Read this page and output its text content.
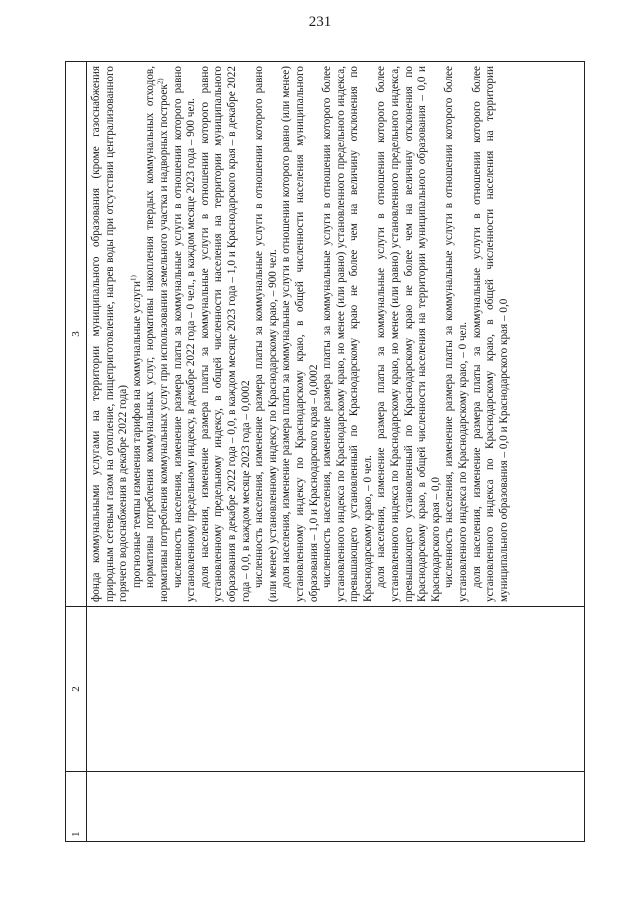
231
1
2
3 фонда коммунальными услугами на территории муниципального образования (кроме газоснабжения природным сетевым газом на отопление, пищеприготовление, нагрев воды при отсутствии централизованного горячего водоснабжения в декабре 2022 года) прогнозные темпы изменения тарифов на коммунальные услуги$^{1)}$ нормативы потребления коммунальных услуг, нормативы накопления твердых коммунальных отходов, нормативы потребления коммунальных услуг при использовании земельного участка и надворных построек$^{2)}$ численность населения, изменение размера платы за коммунальные услуги в отношении которого равно установленному предельному индексу, в декабре 2022 года – 0 чел., в каждом месяце 2023 года – 900 чел. доля населения, изменение размера платы за коммунальные услуги в отношении которого равно установленному предельному индексу, в общей численности населения на территории муниципального образования в декабре 2022 года – 0,0, в каждом месяце 2023 года – 1,0 и Краснодарского края – в декабре 2022 года – 0,0, в каждом месяце 2023 года – 0,0002 численность населения, изменение размера платы за коммунальные услуги в отношении которого равно (или менее) установленному индексу по Краснодарскому краю, – 900 чел. доля населения, изменение размера платы за коммунальные услуги в отношении которого равно (или менее) установленному индексу по Краснодарскому краю, в общей численности населения муниципального образования – 1,0 и Краснодарского края – 0,0002 численность населения, изменение размера платы за коммунальные услуги в отношении которого более установленного индекса по Краснодарскому краю, но менее (или равно) установленного предельного индекса, превышающего установленный по Краснодарскому краю не более чем на величину отклонения по Краснодарскому краю, – 0 чел. доля населения, изменение размера платы за коммунальные услуги в отношении которого более установленного индекса по Краснодарскому краю, но менее (или равно) установленного предельного индекса, превышающего установленный по Краснодарскому краю не более чем на величину отклонения по Краснодарскому краю, в общей численности населения на территории муниципального образования – 0,0 и Краснодарского края – 0,0 численность населения, изменение размера платы за коммунальные услуги в отношении которого более установленного индекса по Краснодарскому краю, – 0 чел. доля населения, изменение размера платы за коммунальные услуги в отношении которого более установленного индекса по Краснодарскому краю, в общей численности населения на территории муниципального образования – 0,0 и Краснодарского края – 0,0
